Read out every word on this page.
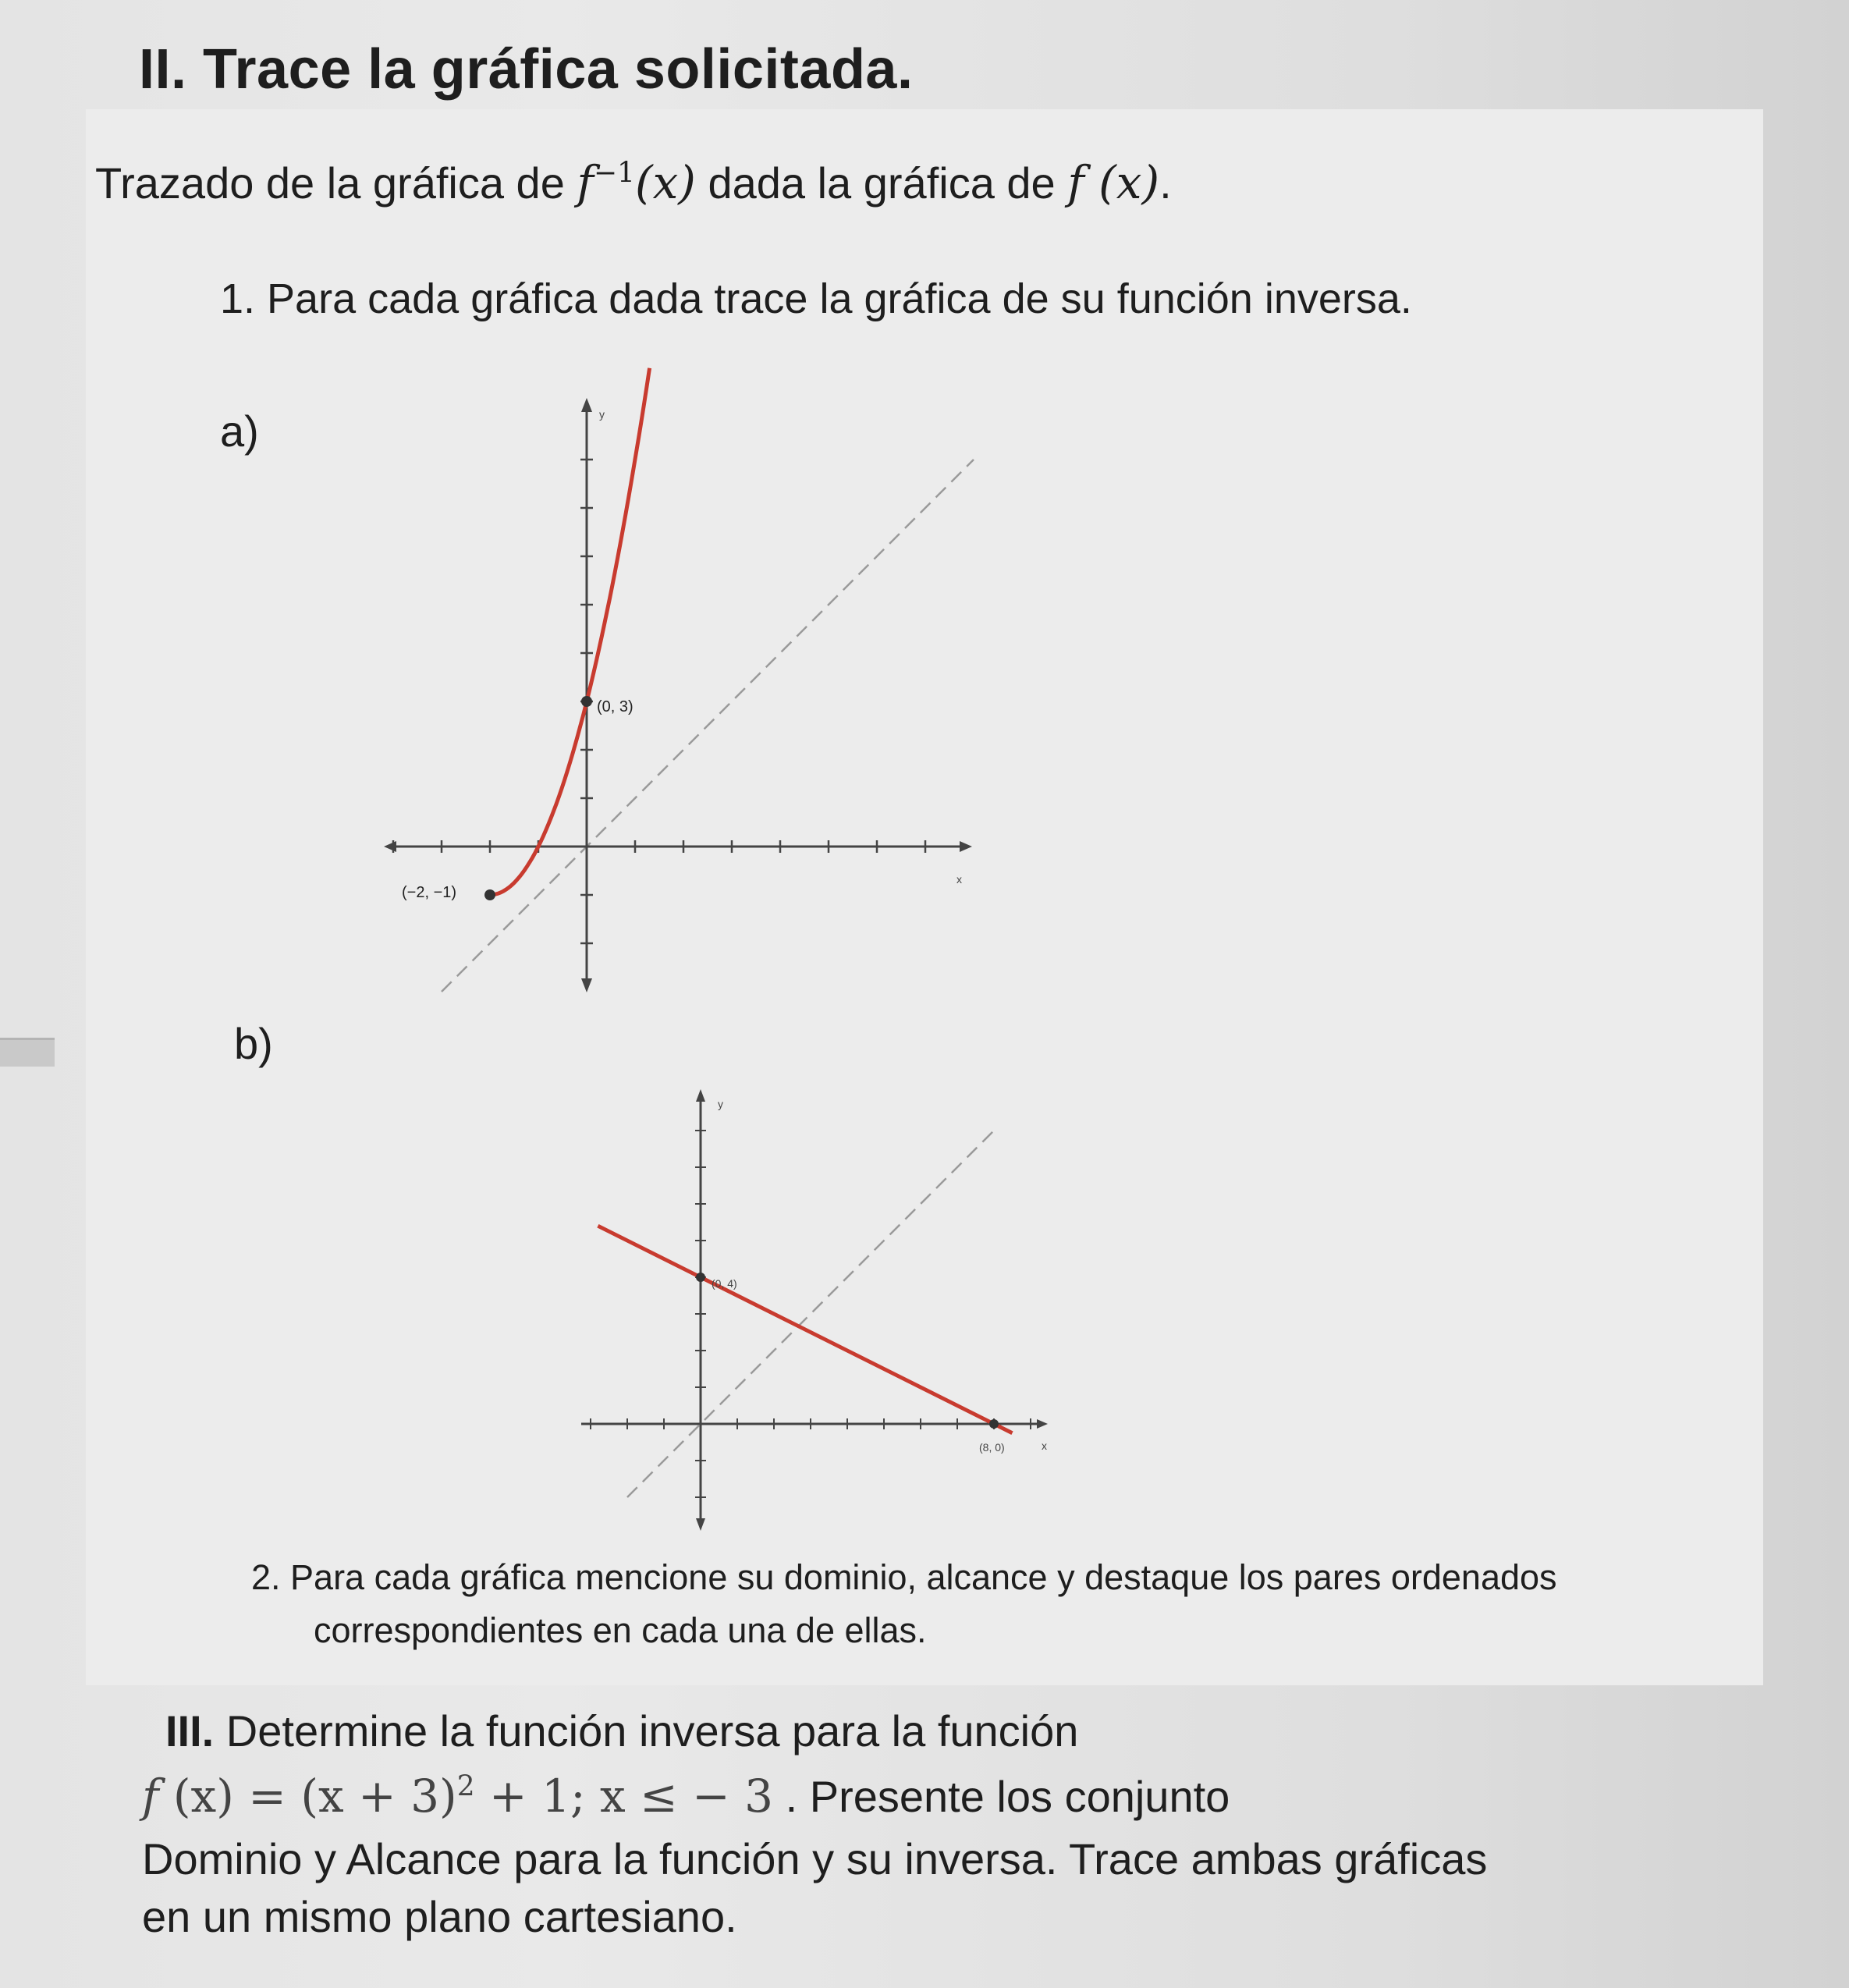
II. Trace la gráfica solicitada.
Trazado de la gráfica de $f^{-1}(x)$ dada la gráfica de f (x).
1. Para cada gráfica dada trace la gráfica de su función inversa.
a)
b)
(0, 3)
(−2, −1)
y
x
(0, 4)
(8, 0)
y
x
2. Para cada gráfica mencione su dominio, alcance y destaque los pares ordenados
correspondientes en cada una de ellas.
III. Determine la función inversa para la función
f $(x) = (x + 3)^2 + 1$; x ≤ − 3 . Presente los conjunto
Dominio y Alcance para la función y su inversa. Trace ambas gráficas
en un mismo plano cartesiano.
